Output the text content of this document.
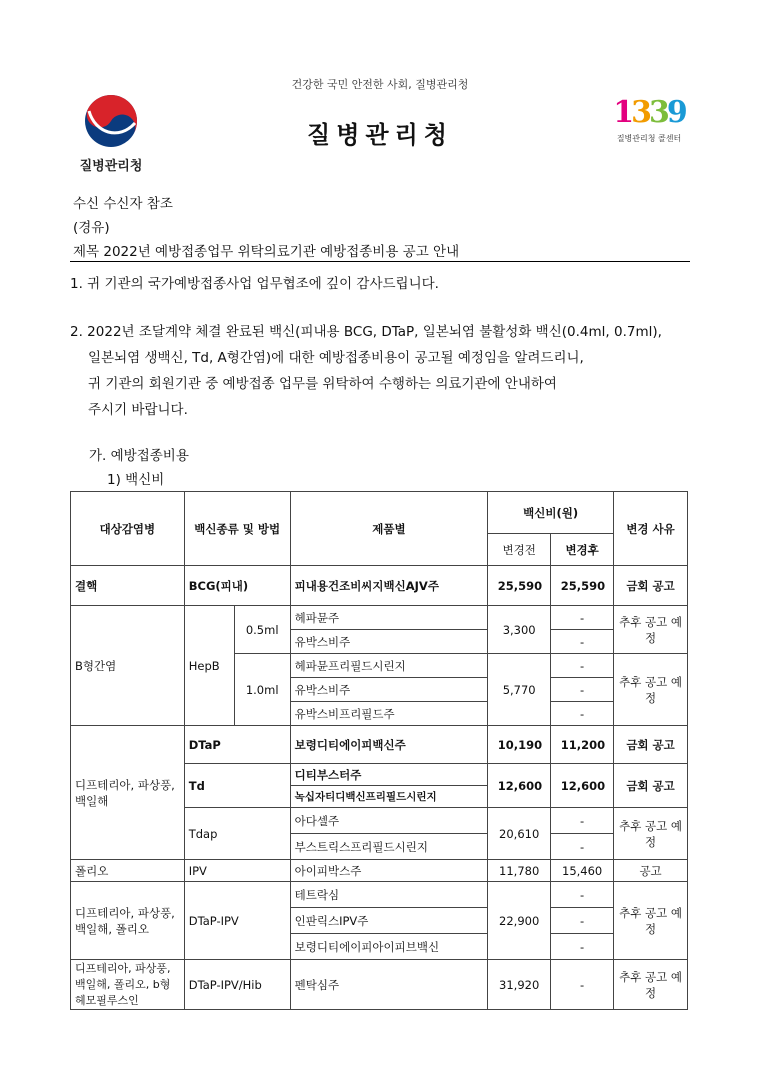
건강한 국민 안전한 사회, 질병관리청
질병관리청
질병관리청
1339
질병관리청 콜센터
수신 수신자 참조
(경유)
제목 2022년 예방접종업무 위탁의료기관 예방접종비용 공고 안내
1. 귀 기관의 국가예방접종사업 업무협조에 깊이 감사드립니다.
2. 2022년 조달계약 체결 완료된 백신(피내용 BCG, DTaP, 일본뇌염 불활성화 백신(0.4ml, 0.7ml),
일본뇌염 생백신, Td, A형간염)에 대한 예방접종비용이 공고될 예정임을 알려드리니,
귀 기관의 회원기관 중 예방접종 업무를 위탁하여 수행하는 의료기관에 안내하여
주시기 바랍니다.
가. 예방접종비용
1) 백신비
대상감염병	백신종류 및 방법		제품별	백신비(원)		변경 사유
				변경전	변경후	
결핵	BCG(피내)		피내용건조비씨지백신AJV주	25,590	25,590	금회 공고
B형간염	HepB	0.5ml	헤파뮨주	3,300	-	추후 공고 예정
			유박스비주		-	
		1.0ml	헤파뮨프리필드시린지	5,770	-	추후 공고 예정
			유박스비주		-	
			유박스비프리필드주		-	
디프테리아, 파상풍, 백일해	DTaP		보령디티에이피백신주	10,190	11,200	금회 공고
	Td		디티부스터주	12,600	12,600	금회 공고
			녹십자티디백신프리필드시린지			
	Tdap		아다셀주	20,610	-	추후 공고 예정
			부스트릭스프리필드시린지		-	

폴리오	IPV		아이피박스주	11,780	15,460	공고
디프테리아, 파상풍, 백일해, 폴리오	DTaP-IPV		테트락심	22,900	-	추후 공고 예정
			인판릭스IPV주		-	
			보령디티에이피아이피브백신		-	
디프테리아, 파상풍, 백일해, 폴리오, b형헤모필루스인	DTaP-IPV/Hib		펜탁심주	31,920	-	추후 공고 예정
